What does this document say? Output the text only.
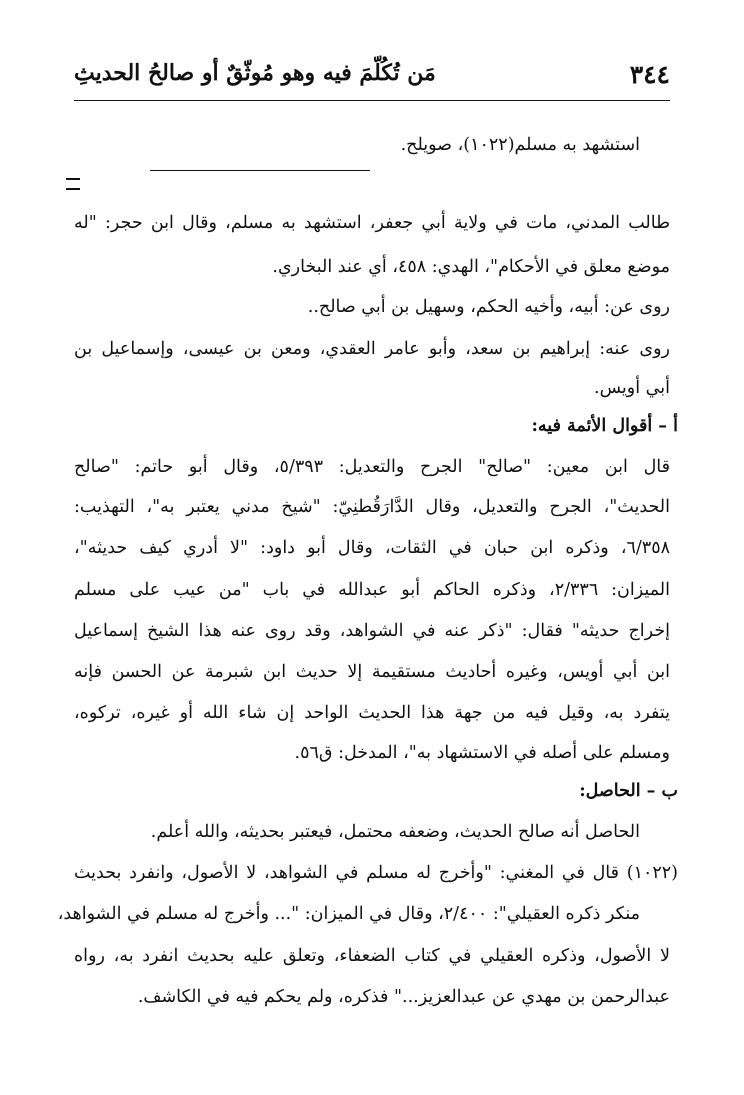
٣٤٤
مَن تُكُلّمَ فيه وهو مُوثّقٌ أو صالحُ الحديثِ
استشهد به مسلم(١٠٢٢)، صويلح.
طالب المدني، مات في ولاية أبي جعفر، استشهد به مسلم، وقال ابن حجر: "له
موضع معلق في الأحكام"، الهدي: ٤٥٨، أي عند البخاري.
روى عن: أبيه، وأخيه الحكم، وسهيل بن أبي صالح..
روى عنه: إبراهيم بن سعد، وأبو عامر العقدي، ومعن بن عيسى، وإسماعيل بن
أبي أويس.
أ – أقوال الأئمة فيه:
قال ابن معين: "صالح" الجرح والتعديل: ٥/٣٩٣، وقال أبو حاتم: "صالح
الحديث"، الجرح والتعديل، وقال الدَّارَقُطنِيّ: "شيخ مدني يعتبر به"، التهذيب:
٦/٣٥٨، وذكره ابن حبان في الثقات، وقال أبو داود: "لا أدري كيف حديثه"،
الميزان: ٢/٣٣٦، وذكره الحاكم أبو عبدالله في باب "من عيب على مسلم
إخراج حديثه" فقال: "ذكر عنه في الشواهد، وقد روى عنه هذا الشيخ إسماعيل
ابن أبي أويس، وغيره أحاديث مستقيمة إلا حديث ابن شبرمة عن الحسن فإنه
يتفرد به، وقيل فيه من جهة هذا الحديث الواحد إن شاء الله أو غيره، تركوه،
ومسلم على أصله في الاستشهاد به"، المدخل: ق٥٦.
ب – الحاصل:
الحاصل أنه صالح الحديث، وضعفه محتمل، فيعتبر بحديثه، والله أعلم.
(١٠٢٢) قال في المغني: "وأخرج له مسلم في الشواهد، لا الأصول، وانفرد بحديث
منكر ذكره العقيلي": ٢/٤٠٠، وقال في الميزان: "... وأخرج له مسلم في الشواهد،
لا الأصول، وذكره العقيلي في كتاب الضعفاء، وتعلق عليه بحديث انفرد به، رواه
عبدالرحمن بن مهدي عن عبدالعزيز..." فذكره، ولم يحكم فيه في الكاشف.
